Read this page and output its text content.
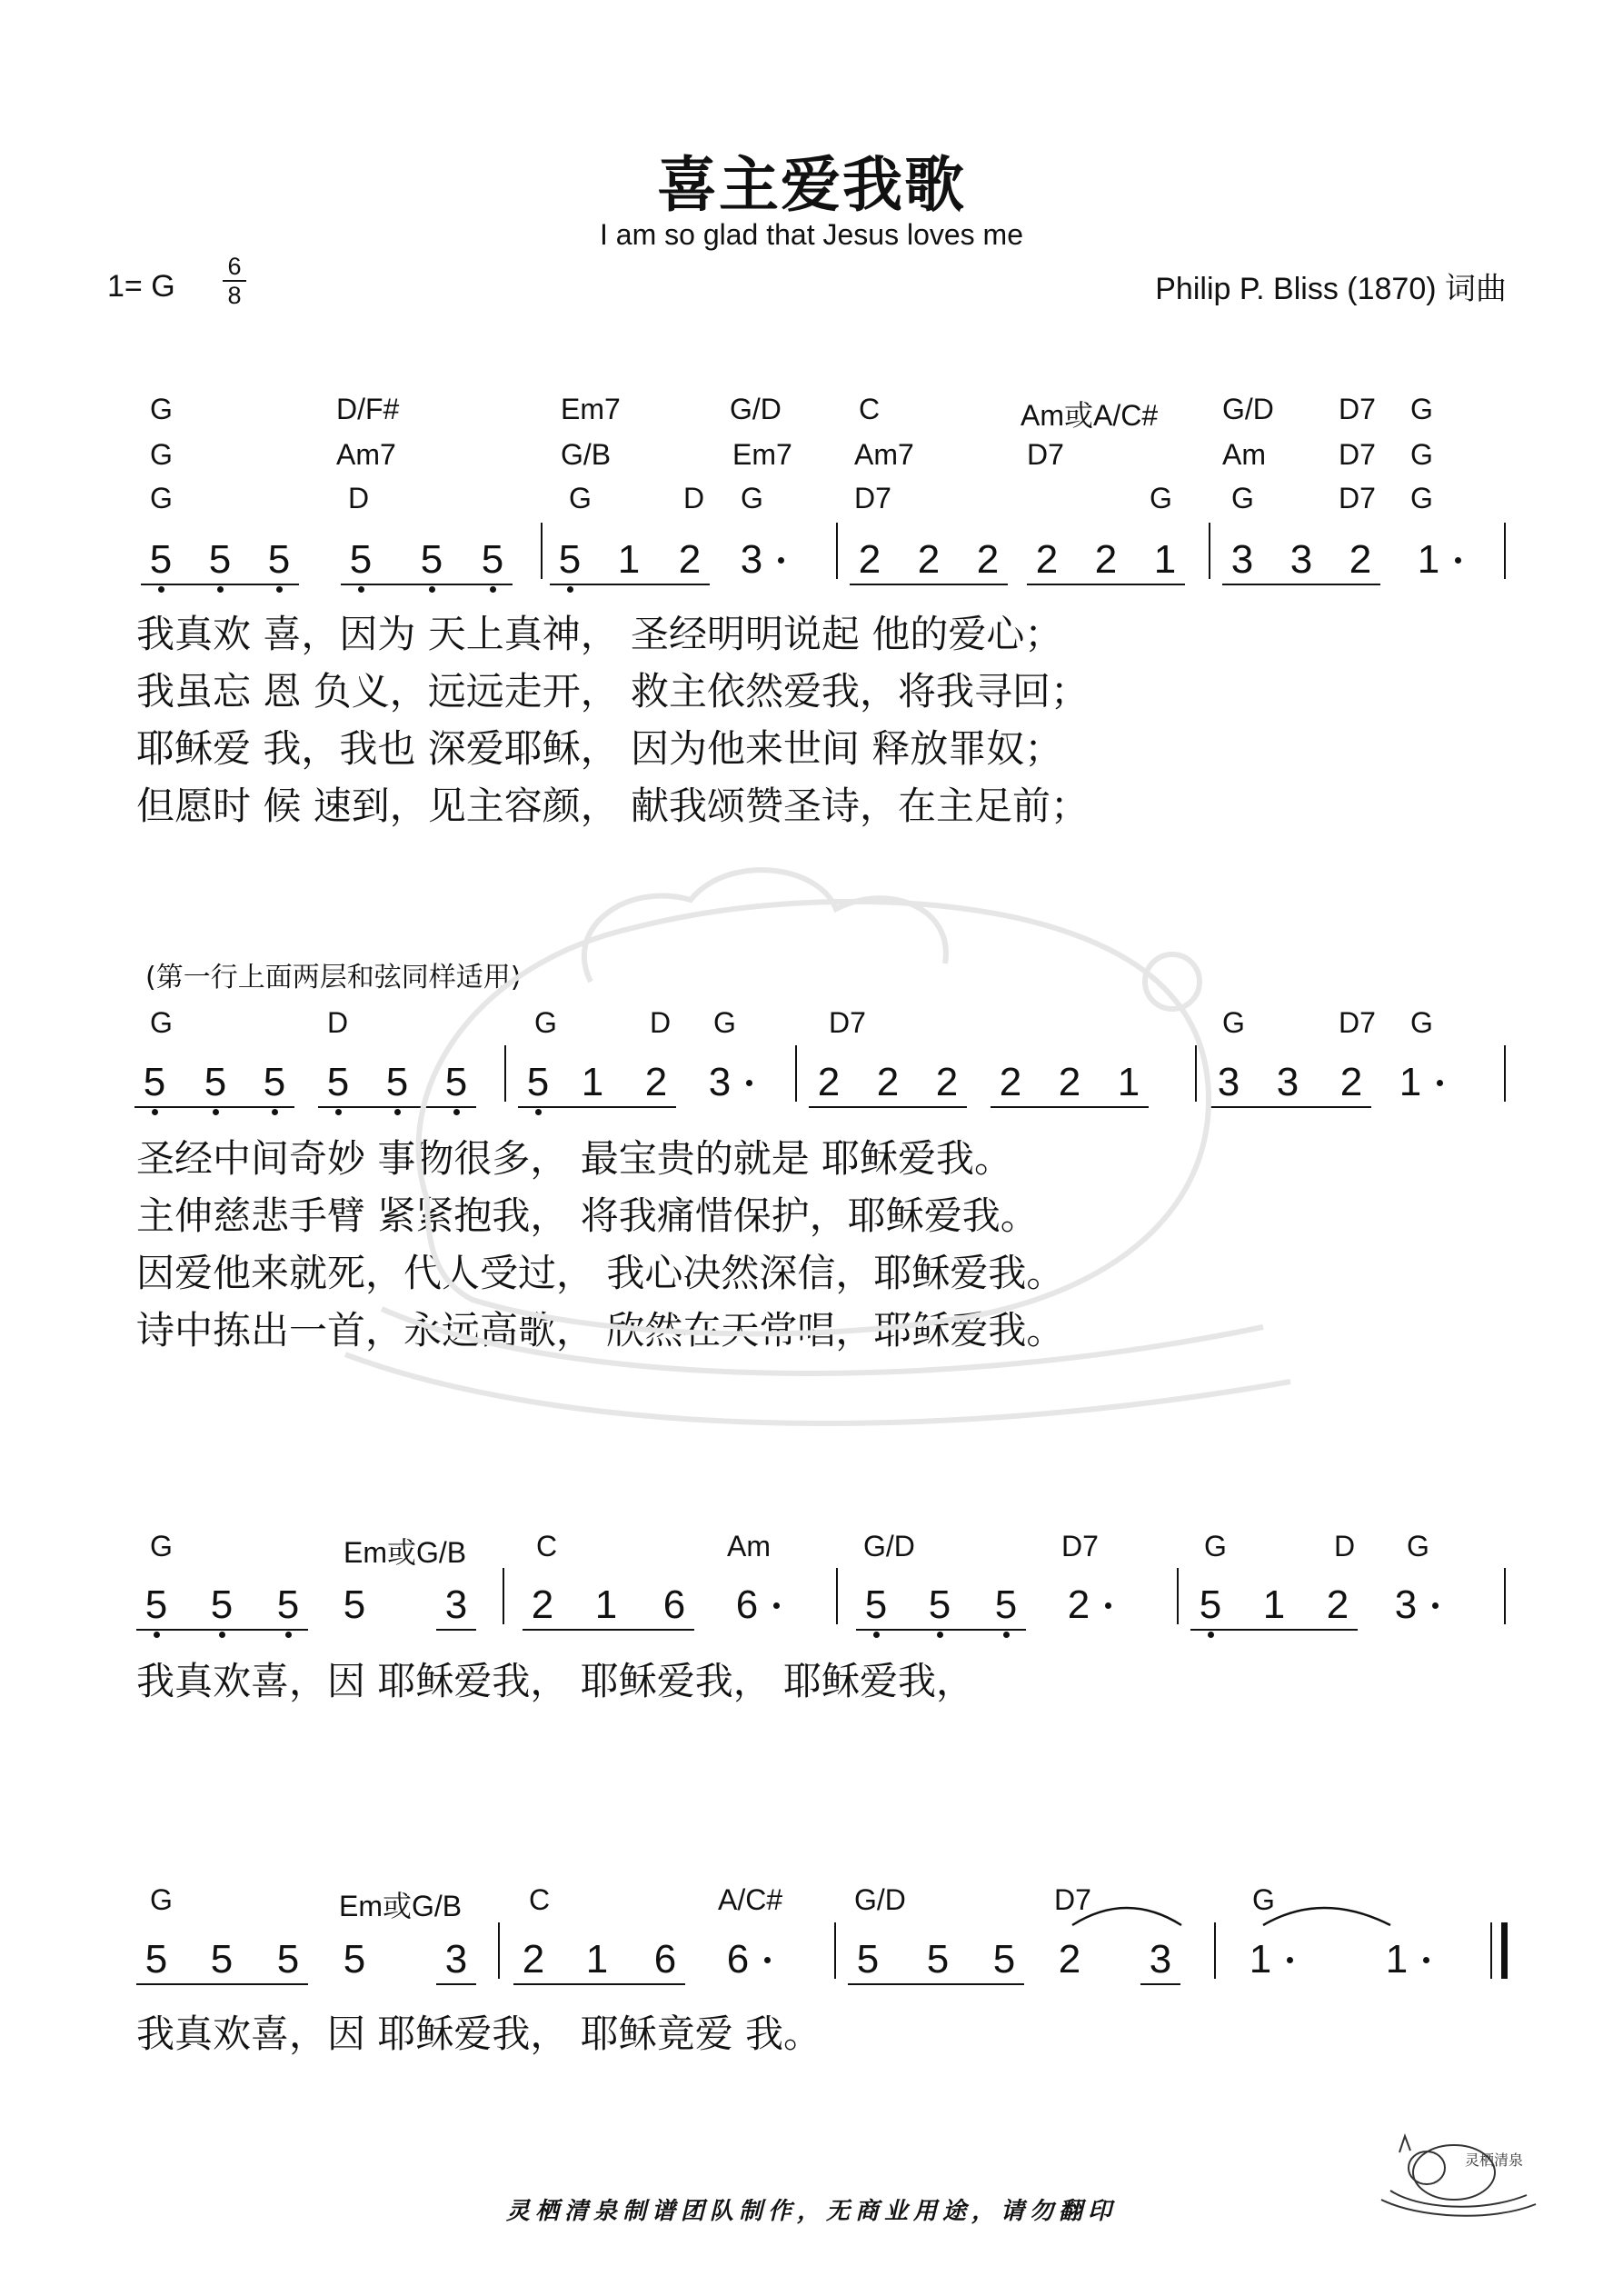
喜主爱我歌
I am so glad that Jesus loves me
1= G
6
8	Philip P. Bliss (1870) 词曲
(第一行上面两层和弦同样适用)
G	D/F#	Em7	G/D	C	Am或A/C# G/D D7 G
G	Am7	G/B	Em7 Am7	D7	Am	D7 G
G	D	G	D G	D7	G G	D7 G
5 5 5 5 5 5 5 1 2 3 2 2 2 2 2 1 3 3 2 1
我真欢 喜，因为 天上真神， 圣经明明说起 他的爱心；
我虽忘 恩 负义，远远走开， 救主依然爱我，将我寻回；
耶稣爱 我，我也 深爱耶稣， 因为他来世间 释放罪奴；
但愿时 候 速到，见主容颜， 献我颂赞圣诗，在主足前；
G	D	G	D G	D7	G	D7 G
5 5 5 5 5 5 5 1 2 3 2 2 2 2 2 1 3 3 2 1
圣经中间奇妙 事物很多， 最宝贵的就是 耶稣爱我。
主伸慈悲手臂 紧紧抱我， 将我痛惜保护，耶稣爱我。
因爱他来就死，代人受过， 我心决然深信，耶稣爱我。
诗中拣出一首，永远高歌， 欣然在天常唱，耶稣爱我。
G	Em或G/B C	Am	G/D	D7	G	D G
5 5 5 5 3 2 1 6 6	5 5 5 2	5 1 2 3
我真欢喜，因 耶稣爱我， 耶稣爱我， 耶稣爱我，
G	Em或G/B C	A/C# G/D	D7	G
5 5 5 5 3 2 1 6 6	5 5 5 2 3 1	1
我真欢喜，因 耶稣爱我， 耶稣竟爱 我。
灵栖清泉制谱团队制作，无商业用途，请勿翻印
灵栖清泉
